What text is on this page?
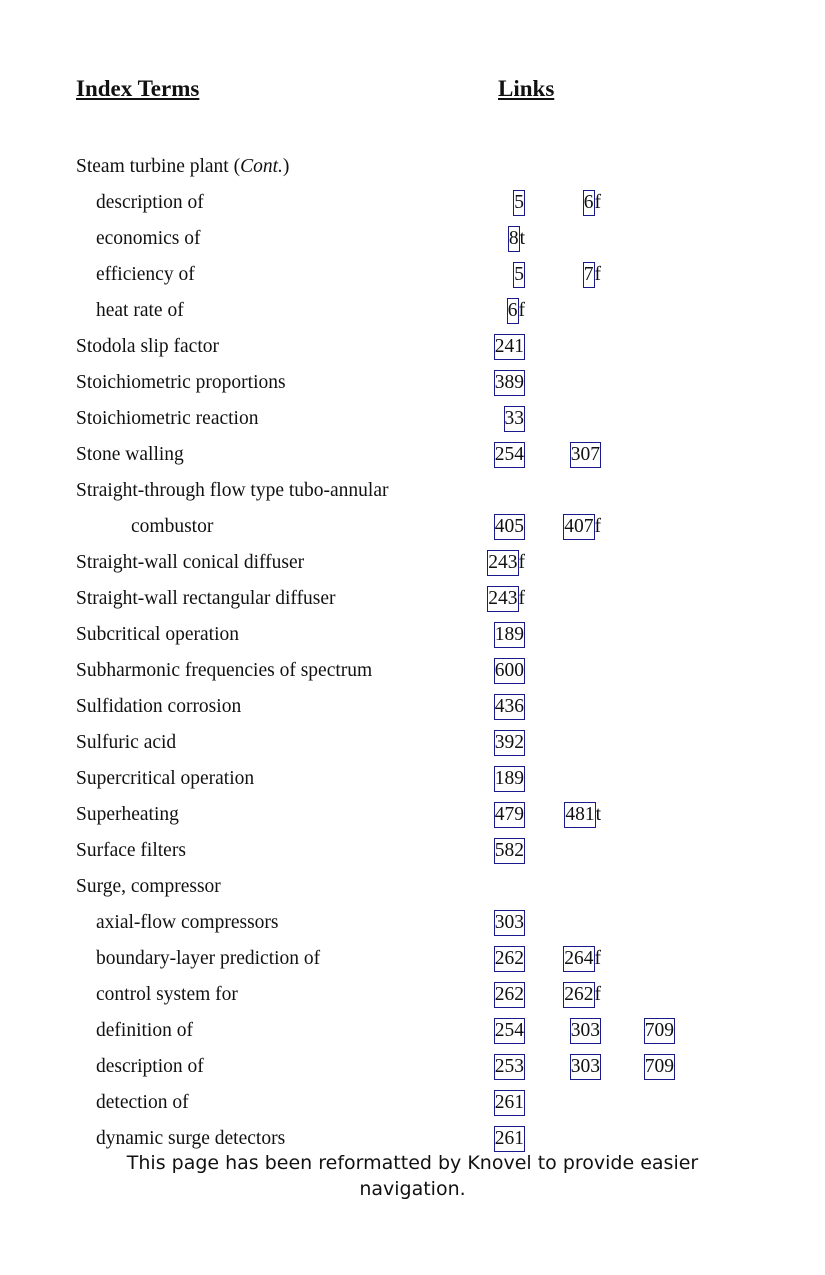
Index Terms	Links
Steam turbine plant (Cont.)
description of	5	6f
economics of	8t
efficiency of	5	7f
heat rate of	6f
Stodola slip factor	241
Stoichiometric proportions	389
Stoichiometric reaction	33
Stone walling	254 307
Straight-through flow type tubo-annular
combustor	405 407f
Straight-wall conical diffuser	243f
Straight-wall rectangular diffuser	243f
Subcritical operation	189
Subharmonic frequencies of spectrum	600
Sulfidation corrosion	436
Sulfuric acid	392
Supercritical operation	189
Superheating	479 481t
Surface filters	582
Surge, compressor
axial-flow compressors	303
boundary-layer prediction of	262 264f
control system for	262 262f
definition of	254 303 709
description of	253 303 709
detection of	261
dynamic surge detectors	261
This page has been reformatted by Knovel to provide easier
navigation.
